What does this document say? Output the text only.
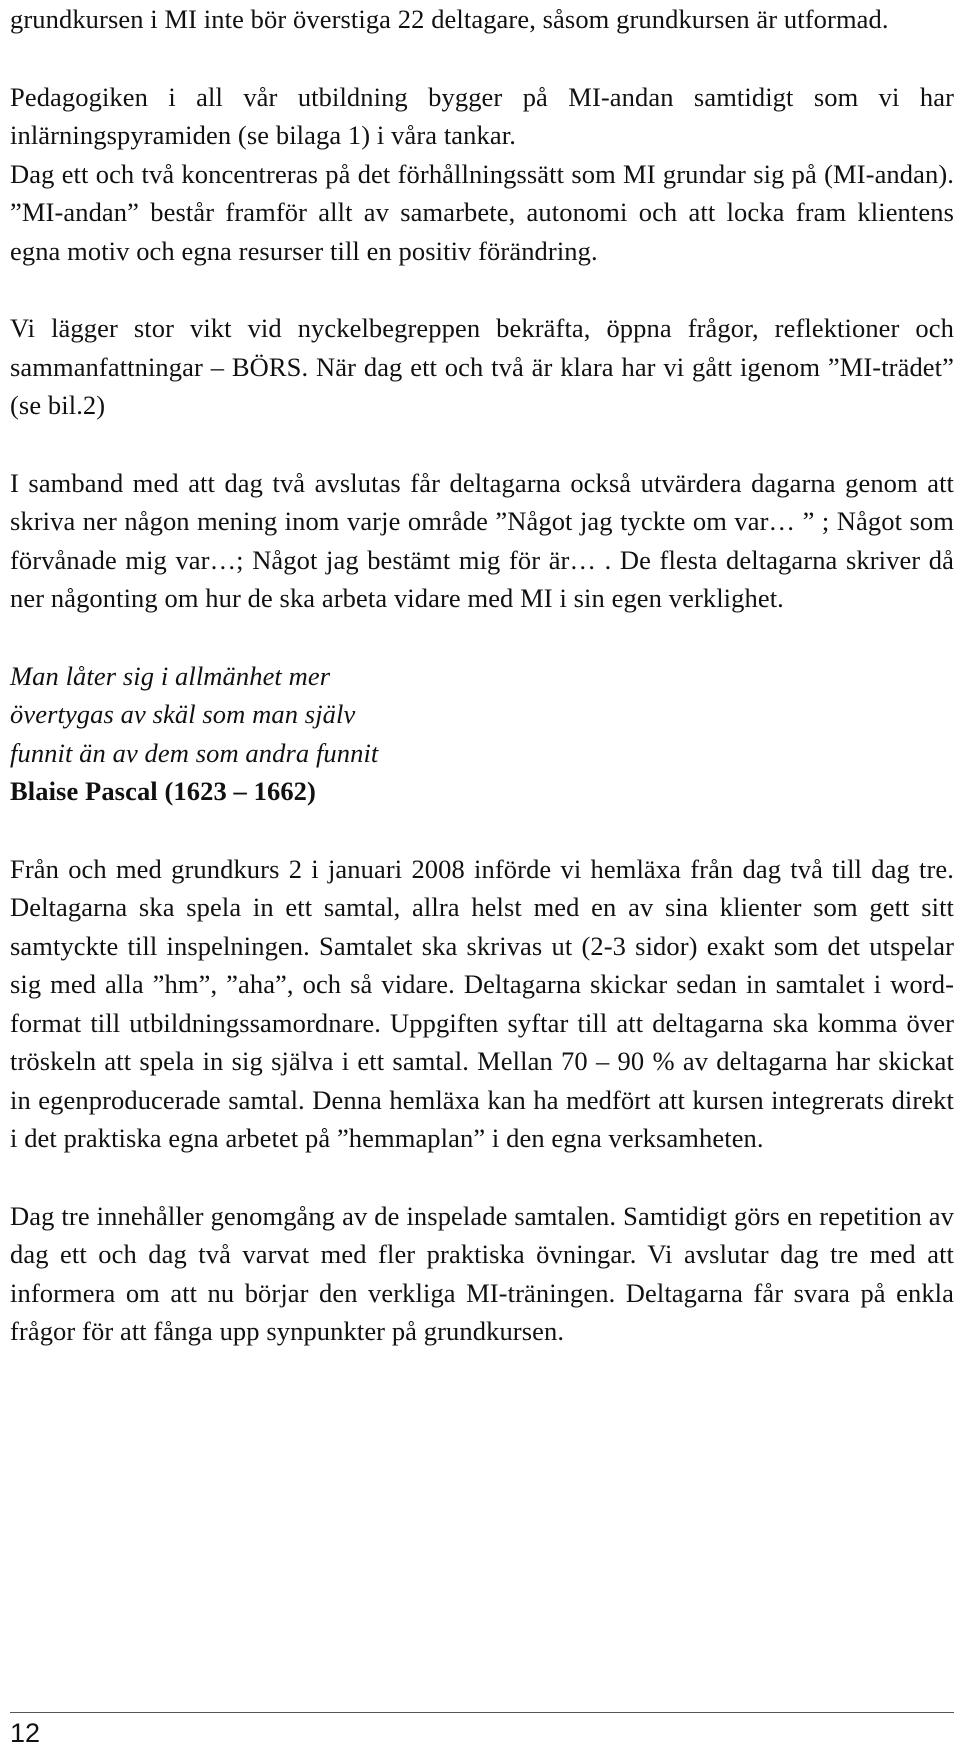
grundkursen i MI inte bör överstiga 22 deltagare, såsom grundkursen är utformad.

Pedagogiken i all vår utbildning bygger på MI-andan samtidigt som vi har inlärningspyramiden (se bilaga 1) i våra tankar.

Dag ett och två koncentreras på det förhållningssätt som MI grundar sig på (MI-andan). ”MI-andan” består framför allt av samarbete, autonomi och att locka fram klientens egna motiv och egna resurser till en positiv förändring.

Vi lägger stor vikt vid nyckelbegreppen bekräfta, öppna frågor, reflektioner och sammanfattningar – BÖRS. När dag ett och två är klara har vi gått igenom ”MI-trädet” (se bil.2)

I samband med att dag två avslutas får deltagarna också utvärdera dagarna genom att skriva ner någon mening inom varje område ”Något jag tyckte om var… ” ; Något som förvånade mig var…; Något jag bestämt mig för är… . De flesta deltagarna skriver då ner någonting om hur de ska arbeta vidare med MI i sin egen verklighet.

Man låter sig i allmänhet mer

övertygas av skäl som man själv

funnit än av dem som andra funnit

Blaise Pascal (1623 – 1662)

Från och med grundkurs 2 i januari 2008 införde vi hemläxa från dag två till dag tre. Deltagarna ska spela in ett samtal, allra helst med en av sina klienter som gett sitt samtyckte till inspelningen. Samtalet ska skrivas ut (2-3 sidor) exakt som det utspelar sig med alla ”hm”, ”aha”, och så vidare. Deltagarna skickar sedan in samtalet i word-format till utbildningssamordnare. Uppgiften syftar till att deltagarna ska komma över tröskeln att spela in sig själva i ett samtal. Mellan 70 – 90 % av deltagarna har skickat in egenproducerade samtal. Denna hemläxa kan ha medfört att kursen integrerats direkt i det praktiska egna arbetet på ”hemmaplan” i den egna verksamheten.

Dag tre innehåller genomgång av de inspelade samtalen. Samtidigt görs en repetition av dag ett och dag två varvat med fler praktiska övningar. Vi avslutar dag tre med att informera om att nu börjar den verkliga MI-träningen. Deltagarna får svara på enkla frågor för att fånga upp synpunkter på grundkursen.

12
